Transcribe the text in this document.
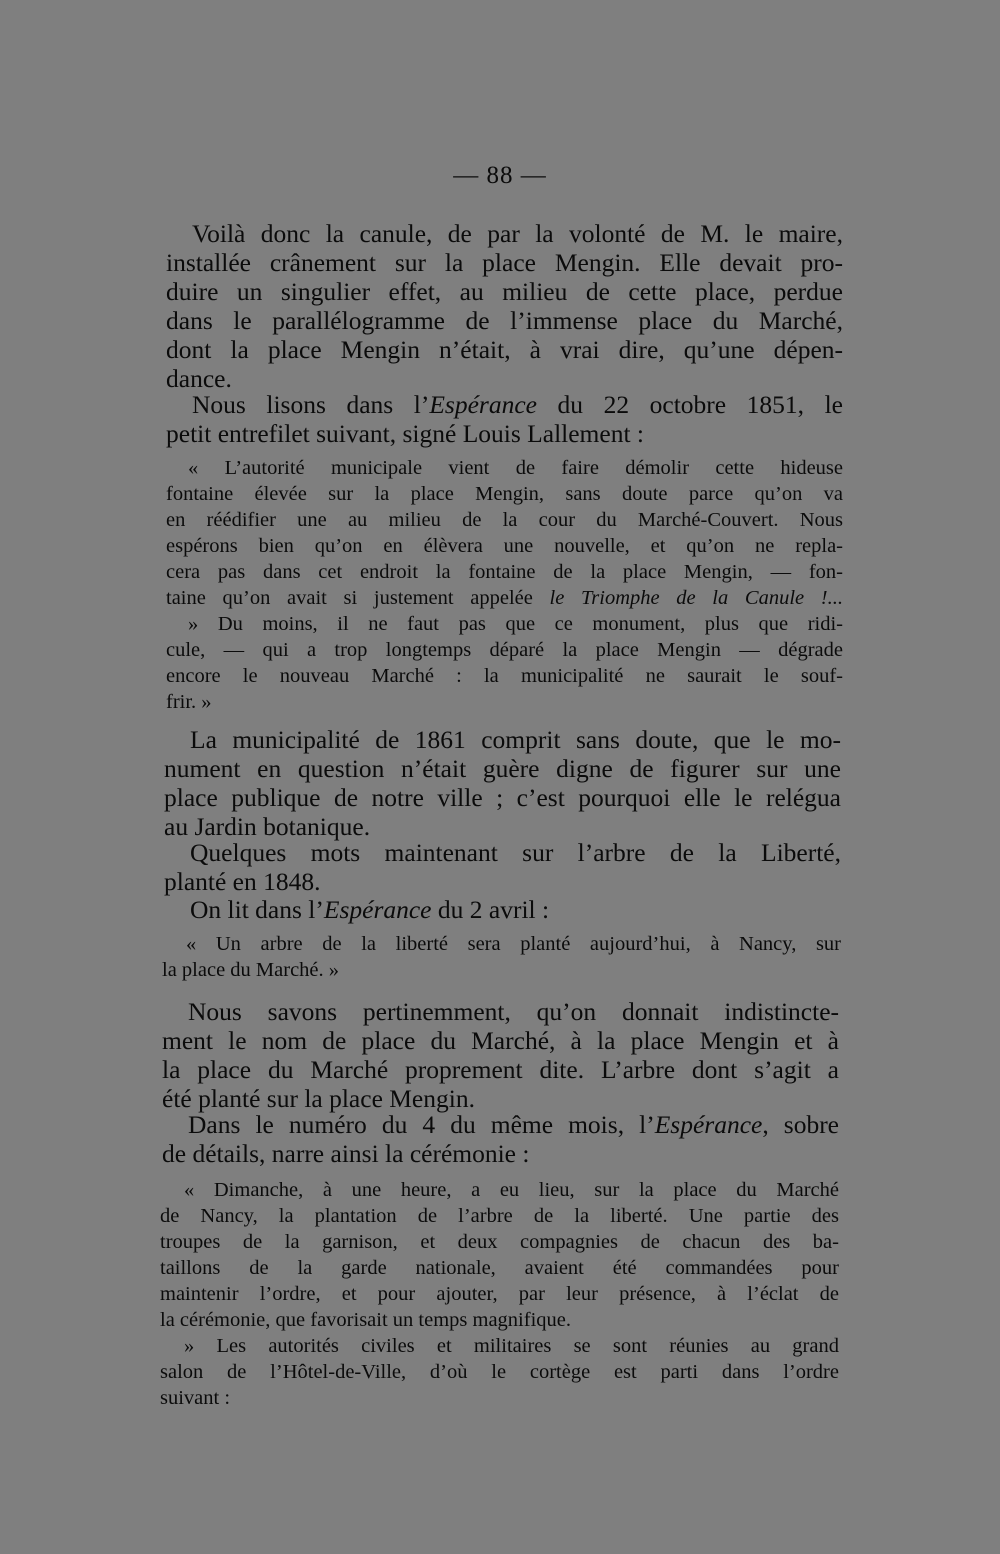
— 88 —

Voilà donc la canule, de par la volonté de M. le maire,

installée crânement sur la place Mengin. Elle devait pro-

duire un singulier effet, au milieu de cette place, perdue

dans le parallélogramme de l’immense place du Marché,

dont la place Mengin n’était, à vrai dire, qu’une dépen-

dance.

Nous lisons dans l’Espérance du 22 octobre 1851, le

petit entrefilet suivant, signé Louis Lallement :

« L’autorité municipale vient de faire démolir cette hideuse

fontaine élevée sur la place Mengin, sans doute parce qu’on va

en réédifier une au milieu de la cour du Marché-Couvert. Nous

espérons bien qu’on en élèvera une nouvelle, et qu’on ne repla-

cera pas dans cet endroit la fontaine de la place Mengin, — fon-

taine qu’on avait si justement appelée le Triomphe de la Canule !...

» Du moins, il ne faut pas que ce monument, plus que ridi-

cule, — qui a trop longtemps déparé la place Mengin — dégrade

encore le nouveau Marché : la municipalité ne saurait le souf-

frir. »

La municipalité de 1861 comprit sans doute, que le mo-

nument en question n’était guère digne de figurer sur une

place publique de notre ville ; c’est pourquoi elle le relégua

au Jardin botanique.

Quelques mots maintenant sur l’arbre de la Liberté,

planté en 1848.

On lit dans l’Espérance du 2 avril :

« Un arbre de la liberté sera planté aujourd’hui, à Nancy, sur

la place du Marché. »

Nous savons pertinemment, qu’on donnait indistincte-

ment le nom de place du Marché, à la place Mengin et à

la place du Marché proprement dite. L’arbre dont s’agit a

été planté sur la place Mengin.

Dans le numéro du 4 du même mois, l’Espérance, sobre

de détails, narre ainsi la cérémonie :

« Dimanche, à une heure, a eu lieu, sur la place du Marché

de Nancy, la plantation de l’arbre de la liberté. Une partie des

troupes de la garnison, et deux compagnies de chacun des ba-

taillons de la garde nationale, avaient été commandées pour

maintenir l’ordre, et pour ajouter, par leur présence, à l’éclat de

la cérémonie, que favorisait un temps magnifique.

» Les autorités civiles et militaires se sont réunies au grand

salon de l’Hôtel-de-Ville, d’où le cortège est parti dans l’ordre

suivant :
